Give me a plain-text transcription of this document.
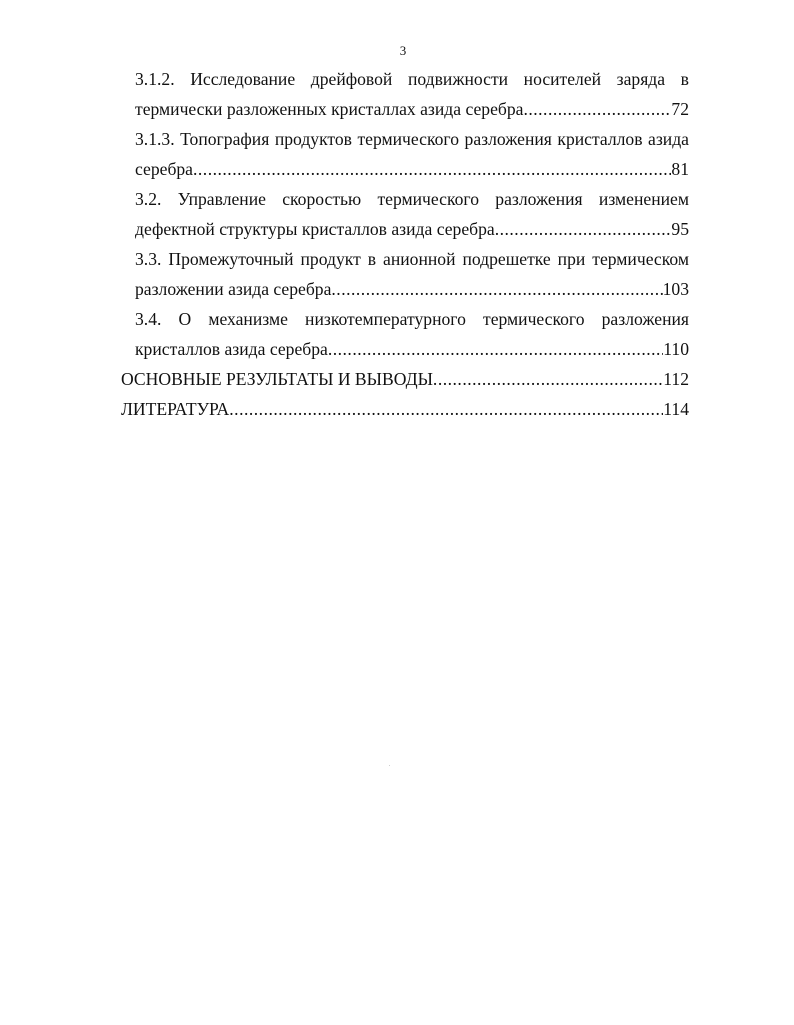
3
3.1.2. Исследование дрейфовой подвижности носителей заряда в
термически разложенных кристаллах азида серебра .....	72
3.1.3. Топография продуктов термического разложения кристаллов азида
серебра .....	81
3.2. Управление скоростью термического разложения изменением
дефектной структуры кристаллов азида серебра .....	95
3.3. Промежуточный продукт в анионной подрешетке при термическом
разложении азида серебра .....	103
3.4. О механизме низкотемпературного термического разложения
кристаллов азида серебра .....	110
ОСНОВНЫЕ РЕЗУЛЬТАТЫ И ВЫВОДЫ .....	112
ЛИТЕРАТУРА .....	114
